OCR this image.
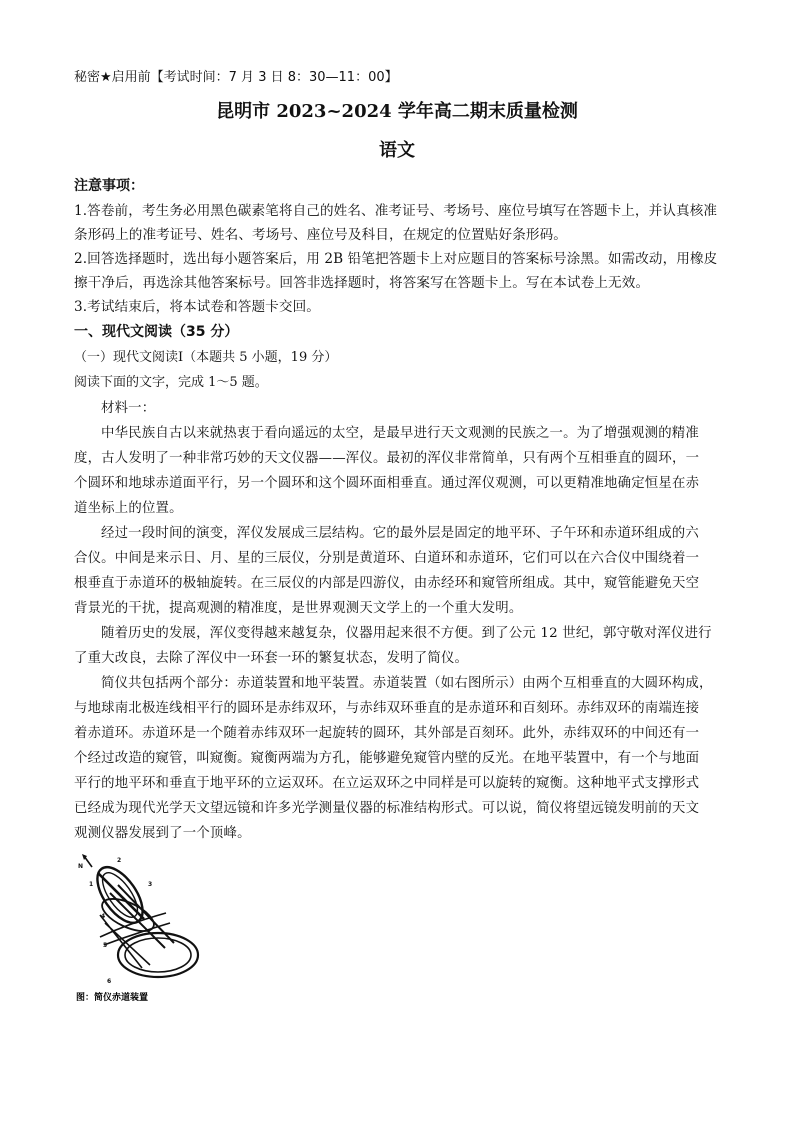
秘密★启用前【考试时间：7 月 3 日 8：30—11：00】
昆明市 2023~2024 学年高二期末质量检测
语文
注意事项：
1.答卷前，考生务必用黑色碳素笔将自己的姓名、准考证号、考场号、座位号填写在答题卡上，并认真核准
条形码上的准考证号、姓名、考场号、座位号及科目，在规定的位置贴好条形码。
2.回答选择题时，选出每小题答案后，用 2B 铅笔把答题卡上对应题目的答案标号涂黑。如需改动，用橡皮
擦干净后，再选涂其他答案标号。回答非选择题时，将答案写在答题卡上。写在本试卷上无效。
3.考试结束后，将本试卷和答题卡交回。
一、现代文阅读（35 分）
（一）现代文阅读Ⅰ（本题共 5 小题，19 分）
阅读下面的文字，完成 1～5 题。
材料一：
中华民族自古以来就热衷于看向遥远的太空，是最早进行天文观测的民族之一。为了增强观测的精准
度，古人发明了一种非常巧妙的天文仪器——浑仪。最初的浑仪非常简单，只有两个互相垂直的圆环，一
个圆环和地球赤道面平行，另一个圆环和这个圆环面相垂直。通过浑仪观测，可以更精准地确定恒星在赤
道坐标上的位置。
经过一段时间的演变，浑仪发展成三层结构。它的最外层是固定的地平环、子午环和赤道环组成的六
合仪。中间是来示日、月、星的三辰仪，分别是黄道环、白道环和赤道环，它们可以在六合仪中围绕着一
根垂直于赤道环的极轴旋转。在三辰仪的内部是四游仪，由赤经环和窥管所组成。其中，窥管能避免天空
背景光的干扰，提高观测的精准度，是世界观测天文学上的一个重大发明。
随着历史的发展，浑仪变得越来越复杂，仪器用起来很不方便。到了公元 12 世纪，郭守敬对浑仪进行
了重大改良，去除了浑仪中一环套一环的繁复状态，发明了简仪。
简仪共包括两个部分：赤道装置和地平装置。赤道装置（如右图所示）由两个互相垂直的大圆环构成，
与地球南北极连线相平行的圆环是赤纬双环，与赤纬双环垂直的是赤道环和百刻环。赤纬双环的南端连接
着赤道环。赤道环是一个随着赤纬双环一起旋转的圆环，其外部是百刻环。此外，赤纬双环的中间还有一
个经过改造的窥管，叫窥衡。窥衡两端为方孔，能够避免窥管内壁的反光。在地平装置中，有一个与地面
平行的地平环和垂直于地平环的立运双环。在立运双环之中同样是可以旋转的窥衡。这种地平式支撑形式
已经成为现代光学天文望远镜和许多光学测量仪器的标准结构形式。可以说，简仪将望远镜发明前的天文
观测仪器发展到了一个顶峰。
N
1
2
3
4
5
6
图：简仪赤道装置
